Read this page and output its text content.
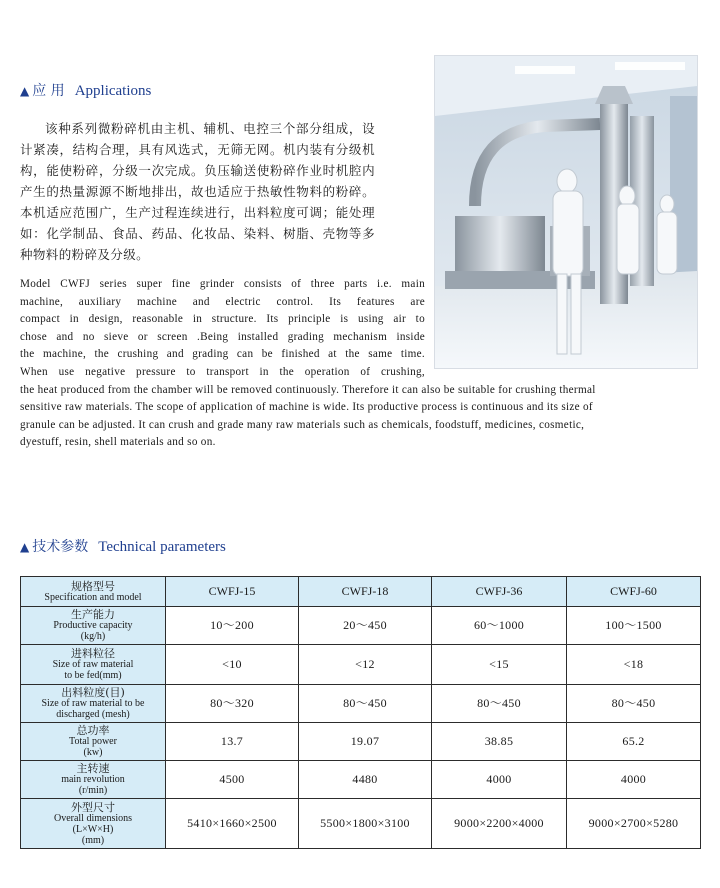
▲ 应 用 Applications

该种系列微粉碎机由主机、辅机、电控三个部分组成，设计紧凑，结构合理，具有风选式，无筛无网。机内装有分级机构，能使粉碎，分级一次完成。负压输送使粉碎作业时机腔内产生的热量源源不断地排出，故也适应于热敏性物料的粉碎。本机适应范围广，生产过程连续进行，出料粒度可调；能处理如：化学制品、食品、药品、化妆品、染料、树脂、壳物等多种物料的粉碎及分级。

Model CWFJ series super fine grinder consists of three parts i.e. main
machine, auxiliary machine and electric control. Its features are
compact in design, reasonable in structure. Its principle is using air to
chose and no sieve or screen .Being installed grading mechanism inside
the machine, the crushing and grading can be finished at the same time.
When use negative pressure to transport in the operation of crushing,
the heat produced from the chamber will be removed continuously. Therefore it can also be suitable for crushing thermal
sensitive raw materials. The scope of application of machine is wide. Its productive process is continuous and its size of
granule can be adjusted. It can crush and grade many raw materials such as chemicals, foodstuff, medicines, cosmetic,
dyestuff, resin, shell materials and so on.

▲ 技术参数 Technical parameters
规格型号
Specification and model	CWFJ-15	CWFJ-18	CWFJ-36	CWFJ-60

生产能力
Productive capacity
(kg/h)	10～200	20～450	60～1000	100～1500

进料粒径
Size of raw material
to be fed(mm)	<10	<12	<15	<18

出料粒度(目)
Size of raw material to be
discharged (mesh)	80～320	80～450	80～450	80～450

总功率
Total power
(kw)	13.7	19.07	38.85	65.2

主转速
main revolution
(r/min)	4500	4480	4000	4000

外型尺寸
Overall dimensions
(L×W×H)
(mm)	5410×1660×2500	5500×1800×3100	9000×2200×4000	9000×2700×5280
